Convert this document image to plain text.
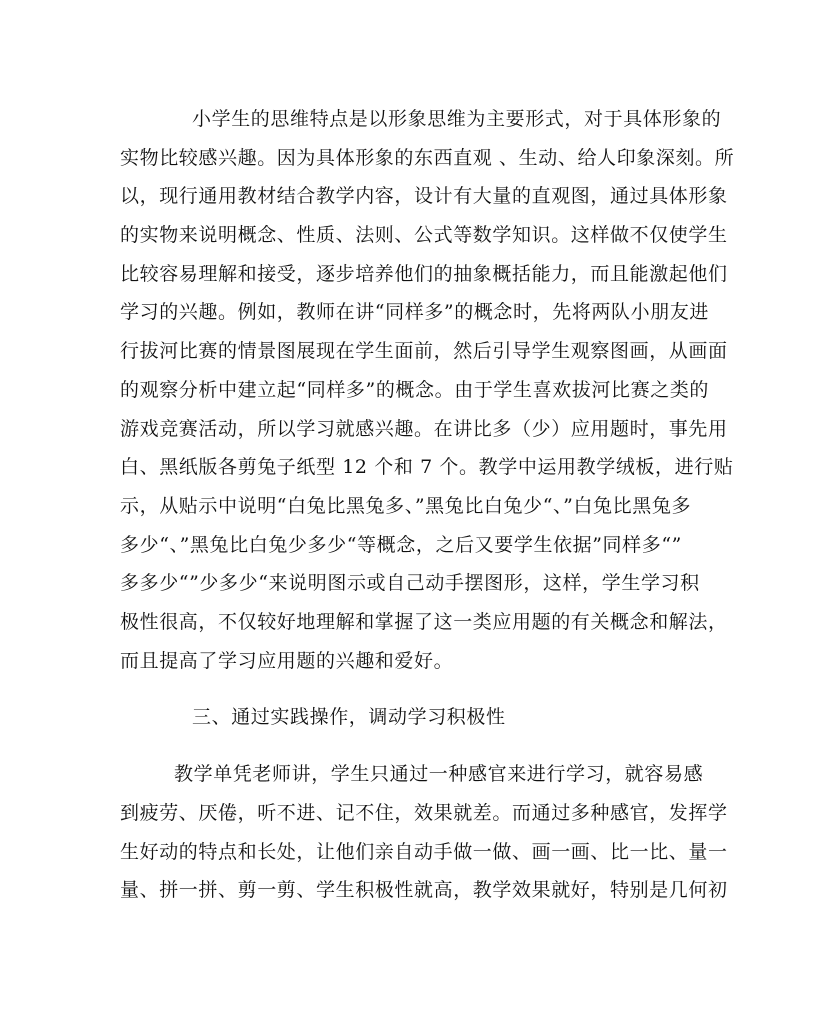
小学生的思维特点是以形象思维为主要形式，对于具体形象的
实物比较感兴趣。因为具体形象的东西直观 、生动、给人印象深刻。所
以，现行通用教材结合教学内容，设计有大量的直观图，通过具体形象
的实物来说明概念、性质、法则、公式等数学知识。这样做不仅使学生
比较容易理解和接受，逐步培养他们的抽象概括能力，而且能激起他们
学习的兴趣。例如，教师在讲“同样多”的概念时，先将两队小朋友进
行拔河比赛的情景图展现在学生面前，然后引导学生观察图画，从画面
的观察分析中建立起“同样多”的概念。由于学生喜欢拔河比赛之类的
游戏竞赛活动，所以学习就感兴趣。在讲比多（少）应用题时，事先用
白、黑纸版各剪兔子纸型 12 个和 7 个。教学中运用教学绒板，进行贴
示，从贴示中说明“白兔比黑兔多、”黑兔比白兔少“、”白兔比黑兔多
多少“、”黑兔比白兔少多少“等概念，之后又要学生依据”同样多“”
多多少“”少多少“来说明图示或自己动手摆图形，这样，学生学习积
极性很高，不仅较好地理解和掌握了这一类应用题的有关概念和解法，
而且提高了学习应用题的兴趣和爱好。
三、通过实践操作，调动学习积极性
教学单凭老师讲，学生只通过一种感官来进行学习，就容易感
到疲劳、厌倦，听不进、记不住，效果就差。而通过多种感官，发挥学
生好动的特点和长处，让他们亲自动手做一做、画一画、比一比、量一
量、拼一拼、剪一剪、学生积极性就高，教学效果就好，特别是几何初
